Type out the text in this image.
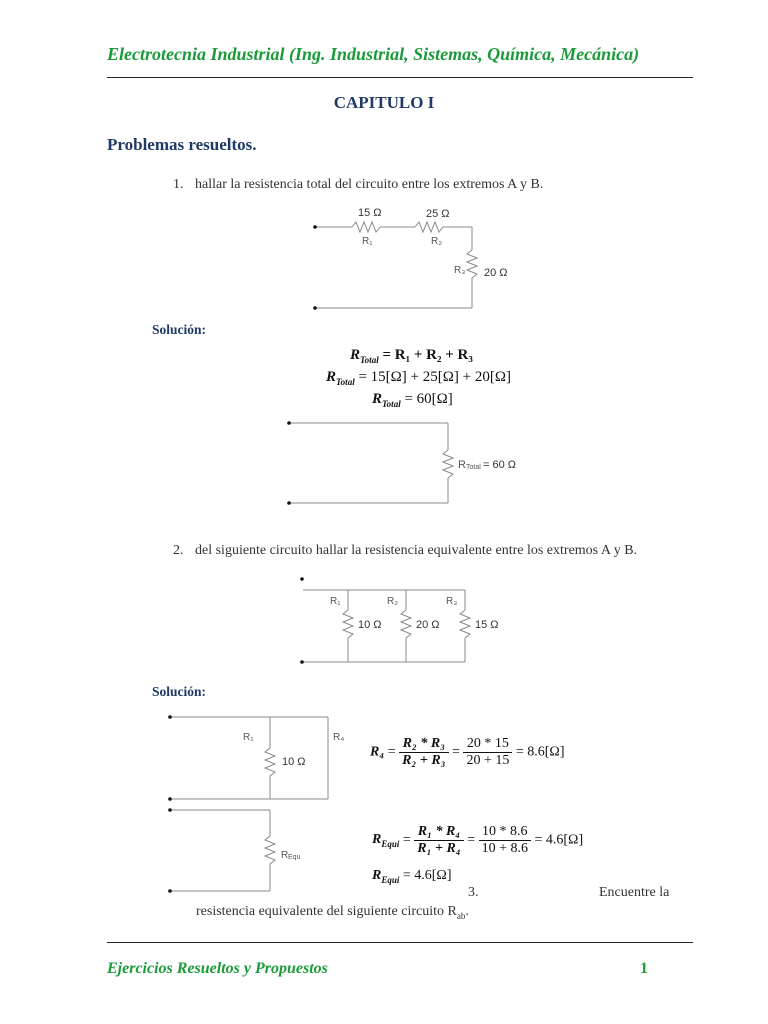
Electrotecnia Industrial (Ing. Industrial, Sistemas, Química, Mecánica)
CAPITULO I
Problemas resueltos.
1. hallar la resistencia total del circuito entre los extremos A y B.
15 Ω	25 Ω
R₁	R₂
R₃ 20 Ω
Solución:
$R_{Total} = R_1 + R_2 + R_3$
$R_{Total} = 15[\Omega] + 25[\Omega] + 20[\Omega]$
$R_{Total} = 60[\Omega]$
R Total = 60 Ω
2. del siguiente circuito hallar la resistencia equivalente entre los extremos A y B.
R₁	R₂	R₃
10 Ω	20 Ω	15 Ω
Solución:
R₁	R₄
10 Ω
R Equ
$R_4 = \frac{\text{R₂ * R₃}}{\text{R₂ + R₃}} = \frac{20 * 15}{20 + 15} = 8.6[\Omega]$
$R_{Equi} = \frac{\text{R₁ * R₄}}{\text{R₁ + R₄}} = \frac{10 * 8.6}{10 + 8.6} = 4.6[\Omega]$
$R_{Equi} = 4.6[\Omega]$
3.	Encuentre la
resistencia equivalente del siguiente circuito $R_{ab}$.
Ejercicios Resueltos y Propuestos	1
